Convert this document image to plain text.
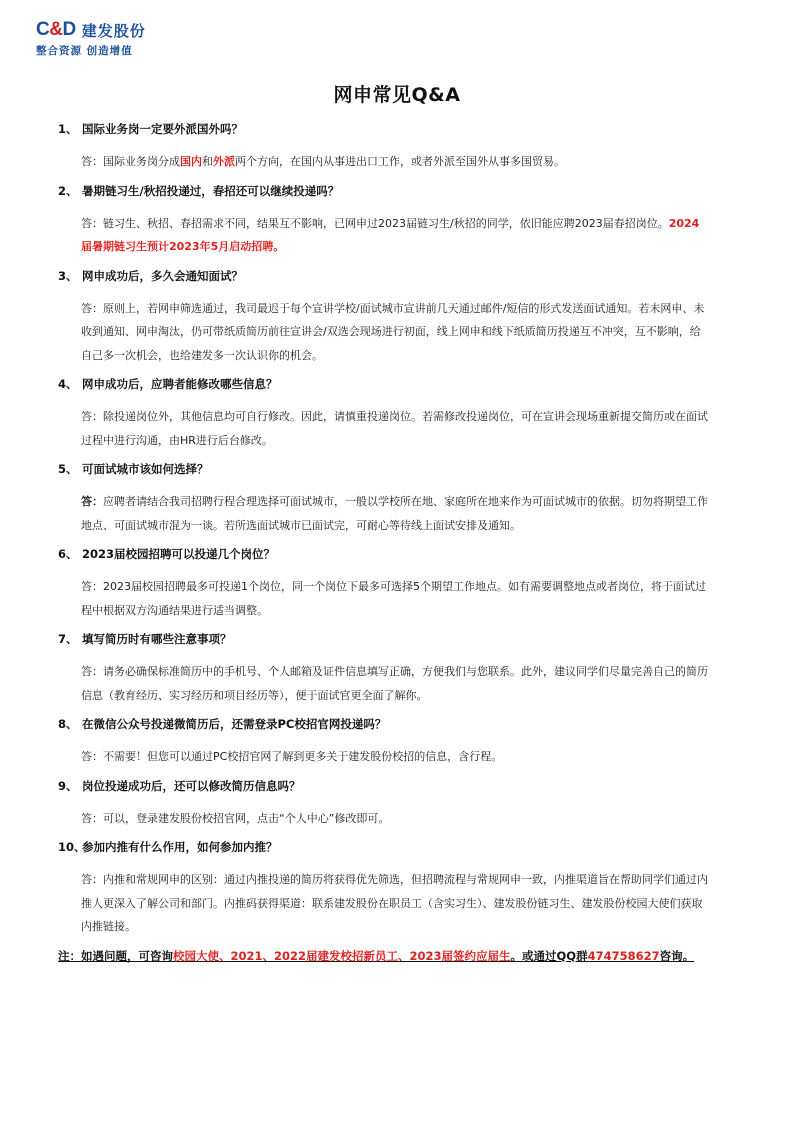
C&D 建发股份
整合资源 创造增值
网申常见Q&A
1、 国际业务岗一定要外派国外吗？
答：国际业务岗分成国内和外派两个方向，在国内从事进出口工作，或者外派至国外从事多国贸易。
2、 暑期链习生/秋招投递过，春招还可以继续投递吗？
答：链习生、秋招、春招需求不同，结果互不影响，已网申过2023届链习生/秋招的同学，依旧能应聘2023届春招岗位。2024届暑期链习生预计2023年5月启动招聘。
3、 网申成功后，多久会通知面试？
答：原则上，若网申筛选通过，我司最迟于每个宣讲学校/面试城市宣讲前几天通过邮件/短信的形式发送面试通知。若未网申、未收到通知、网申淘汰，仍可带纸质简历前往宣讲会/双选会现场进行初面，线上网申和线下纸质简历投递互不冲突，互不影响，给自己多一次机会，也给建发多一次认识你的机会。
4、 网申成功后，应聘者能修改哪些信息？
答：除投递岗位外，其他信息均可自行修改。因此，请慎重投递岗位。若需修改投递岗位，可在宣讲会现场重新提交简历或在面试过程中进行沟通，由HR进行后台修改。
5、 可面试城市该如何选择？
答：应聘者请结合我司招聘行程合理选择可面试城市，一般以学校所在地、家庭所在地来作为可面试城市的依据。切勿将期望工作地点、可面试城市混为一谈。若所选面试城市已面试完，可耐心等待线上面试安排及通知。
6、 2023届校园招聘可以投递几个岗位？
答：2023届校园招聘最多可投递1个岗位，同一个岗位下最多可选择5个期望工作地点。如有需要调整地点或者岗位，将于面试过程中根据双方沟通结果进行适当调整。
7、 填写简历时有哪些注意事项？
答：请务必确保标准简历中的手机号、个人邮箱及证件信息填写正确，方便我们与您联系。此外，建议同学们尽量完善自己的简历信息（教育经历、实习经历和项目经历等），便于面试官更全面了解你。
8、 在微信公众号投递微简历后，还需登录PC校招官网投递吗？
答：不需要！但您可以通过PC校招官网了解到更多关于建发股份校招的信息，含行程。
9、 岗位投递成功后，还可以修改简历信息吗？
答：可以，登录建发股份校招官网，点击“个人中心”修改即可。
10、
参加内推有什么作用，如何参加内推？
答：内推和常规网申的区别：通过内推投递的简历将获得优先筛选，但招聘流程与常规网申一致，内推渠道旨在帮助同学们通过内推人更深入了解公司和部门。内推码获得渠道：联系建发股份在职员工（含实习生）、建发股份链习生、建发股份校园大使们获取内推链接。
注：如遇问题，可咨询校园大使、2021、2022届建发校招新员工、2023届签约应届生。或通过QQ群474758627咨询。
